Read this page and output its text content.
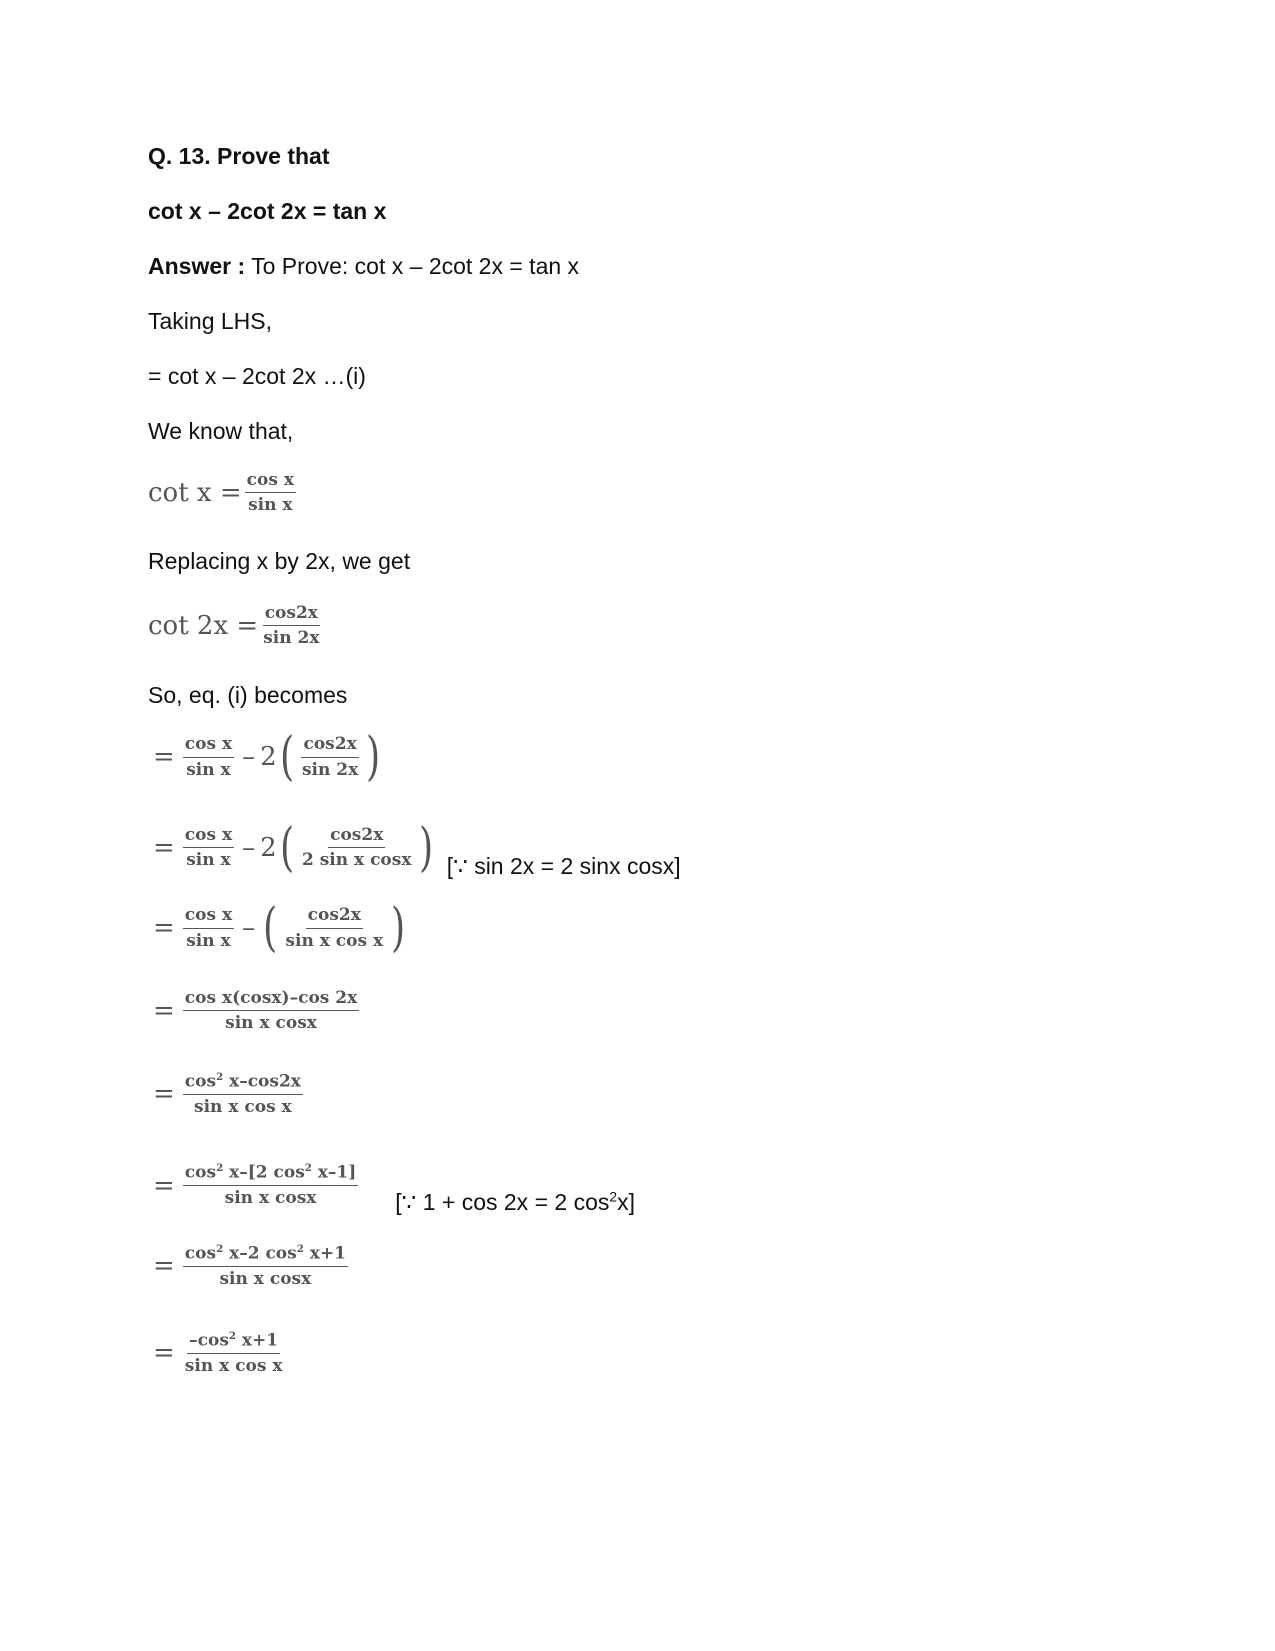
Q. 13. Prove that
cot x – 2cot 2x = tan x
Answer : To Prove: cot x – 2cot 2x = tan x
Taking LHS,
= cot x – 2cot 2x …(i)
We know that,
$\cot x = \frac{\text{cos x}}{\text{sin x}}$
Replacing x by 2x, we get
$\cot 2x = \frac{\cos 2x}{\sin 2x}$
So, eq. (i) becomes
= $\frac{\text{cos x}}{\text{sin x}} - 2$ ( $\frac{\cos 2x}{\sin 2x}$ )
= $\frac{\text{cos x}}{\text{sin x}} - 2$ ( $\frac{\cos 2x}{\text{2 sin x cosx}}$ ) [∵ sin 2x = 2 sinx cosx]
= $\frac{\text{cos x}}{\text{sin x}}$ – ( $\frac{\cos 2x}{\text{sin x cos x}}$ )
= $\frac{\text{cos x(cosx)–cos 2x}}{\text{sin x cosx}}$
= $\frac{\cos^2 x-\cos 2x}{\text{sin x cos x}}$
= $\frac{\cos^2 x-[2 \cos^2 x-1]}{\text{sin x cosx}}$ [∵ 1 + cos 2x = 2 $\cos^2x$]
= $\frac{\cos^2 x-2 \cos^2 x+1}{\text{sin x cosx}}$
= $\frac{-\cos^2 x+1}{\text{sin x cos x}}$
